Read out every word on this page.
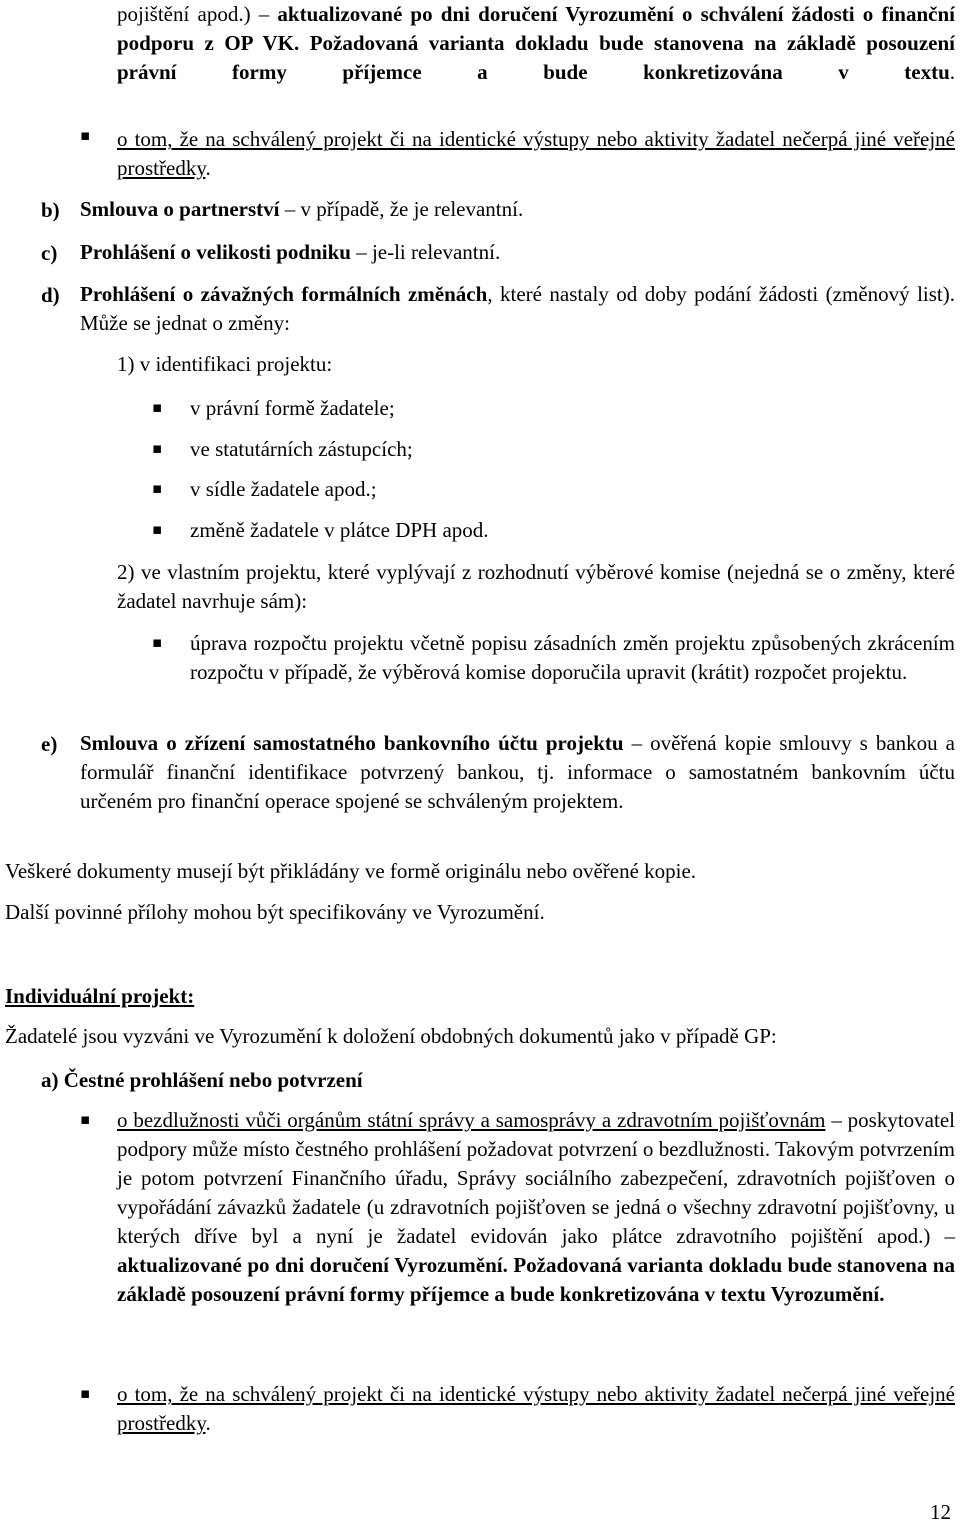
pojištění apod.) – aktualizované po dni doručení Vyrozumění o schválení žádosti o finanční podporu z OP VK. Požadovaná varianta dokladu bude stanovena na základě posouzení právní formy příjemce a bude konkretizována v textu.
▪ o tom, že na schválený projekt či na identické výstupy nebo aktivity žadatel nečerpá jiné veřejné prostředky.
b) Smlouva o partnerství – v případě, že je relevantní.
c) Prohlášení o velikosti podniku – je-li relevantní.
d) Prohlášení o závažných formálních změnách, které nastaly od doby podání žádosti (změnový list). Může se jednat o změny:
1) v identifikaci projektu:
▪ v právní formě žadatele;
▪ ve statutárních zástupcích;
▪ v sídle žadatele apod.;
▪ změně žadatele v plátce DPH apod.
2) ve vlastním projektu, které vyplývají z rozhodnutí výběrové komise (nejedná se o změny, které žadatel navrhuje sám):
▪ úprava rozpočtu projektu včetně popisu zásadních změn projektu způsobených zkrácením rozpočtu v případě, že výběrová komise doporučila upravit (krátit) rozpočet projektu.
e) Smlouva o zřízení samostatného bankovního účtu projektu – ověřená kopie smlouvy s bankou a formulář finanční identifikace potvrzený bankou, tj. informace o samostatném bankovním účtu určeném pro finanční operace spojené se schváleným projektem.
Veškeré dokumenty musejí být přikládány ve formě originálu nebo ověřené kopie.
Další povinné přílohy mohou být specifikovány ve Vyrozumění.
Individuální projekt:
Žadatelé jsou vyzváni ve Vyrozumění k doložení obdobných dokumentů jako v případě GP:
a) Čestné prohlášení nebo potvrzení
▪ o bezdlužnosti vůči orgánům státní správy a samosprávy a zdravotním pojišťovnám – poskytovatel podpory může místo čestného prohlášení požadovat potvrzení o bezdlužnosti. Takovým potvrzením je potom potvrzení Finančního úřadu, Správy sociálního zabezpečení, zdravotních pojišťoven o vypořádání závazků žadatele (u zdravotních pojišťoven se jedná o všechny zdravotní pojišťovny, u kterých dříve byl a nyní je žadatel evidován jako plátce zdravotního pojištění apod.) – aktualizované po dni doručení Vyrozumění. Požadovaná varianta dokladu bude stanovena na základě posouzení právní formy příjemce a bude konkretizována v textu Vyrozumění.
▪ o tom, že na schválený projekt či na identické výstupy nebo aktivity žadatel nečerpá jiné veřejné prostředky.
12
